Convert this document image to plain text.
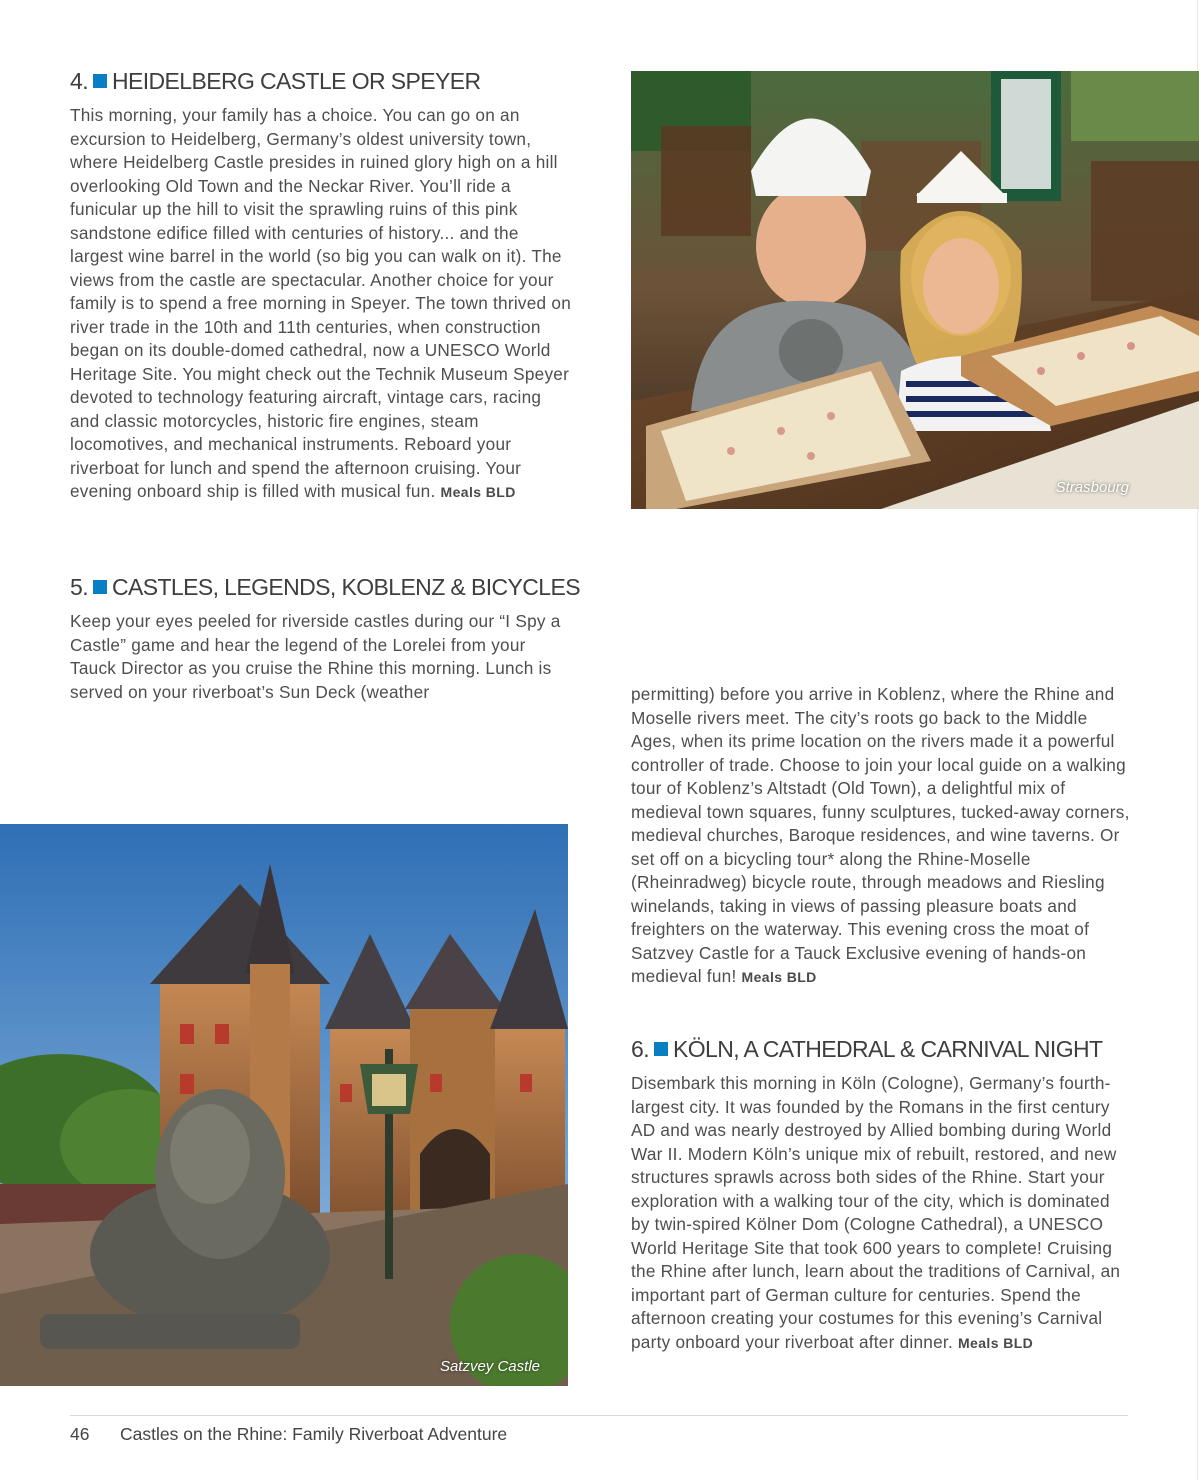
4. HEIDELBERG CASTLE OR SPEYER

This morning, your family has a choice. You can go on an excursion to Heidelberg, Germany’s oldest university town, where Heidelberg Castle presides in ruined glory high on a hill overlooking Old Town and the Neckar River. You’ll ride a funicular up the hill to visit the sprawling ruins of this pink sandstone edifice filled with centuries of history... and the largest wine barrel in the world (so big you can walk on it). The views from the castle are spectacular. Another choice for your family is to spend a free morning in Speyer. The town thrived on river trade in the 10th and 11th centuries, when construction began on its double-domed cathedral, now a UNESCO World Heritage Site. You might check out the Technik Museum Speyer devoted to technology featuring aircraft, vintage cars, racing and classic motorcycles, historic fire engines, steam locomotives, and mechanical instruments. Reboard your riverboat for lunch and spend the afternoon cruising. Your evening onboard ship is filled with musical fun. Meals BLD	Strasbourg
5. CASTLES, LEGENDS, KOBLENZ & BICYCLES

Keep your eyes peeled for riverside castles during our “I Spy a Castle” game and hear the legend of the Lorelei from your Tauck Director as you cruise the Rhine this morning. Lunch is served on your riverboat’s Sun Deck (weather	permitting) before you arrive in Koblenz, where the Rhine and Moselle rivers meet. The city’s roots go back to the Middle Ages, when its prime location on the rivers made it a powerful controller of trade. Choose to join your local guide on a walking tour of Koblenz’s Altstadt (Old Town), a delightful mix of medieval town squares, funny sculptures, tucked-away corners, medieval churches, Baroque residences, and wine taverns. Or set off on a bicycling tour* along the Rhine-Moselle (Rheinradweg) bicycle route, through meadows and Riesling winelands, taking in views of passing pleasure boats and freighters on the waterway. This evening cross the moat of Satzvey Castle for a Tauck Exclusive evening of hands-on medieval fun! Meals BLD

Satzvey Castle
6. KÖLN, A CATHEDRAL & CARNIVAL NIGHT

Disembark this morning in Köln (Cologne), Germany’s fourth-largest city. It was founded by the Romans in the first century AD and was nearly destroyed by Allied bombing during World War II. Modern Köln’s unique mix of rebuilt, restored, and new structures sprawls across both sides of the Rhine. Start your exploration with a walking tour of the city, which is dominated by twin-spired Kölner Dom (Cologne Cathedral), a UNESCO World Heritage Site that took 600 years to complete! Cruising the Rhine after lunch, learn about the traditions of Carnival, an important part of German culture for centuries. Spend the afternoon creating your costumes for this evening’s Carnival party onboard your riverboat after dinner. Meals BLD

46 Castles on the Rhine: Family Riverboat Adventure
